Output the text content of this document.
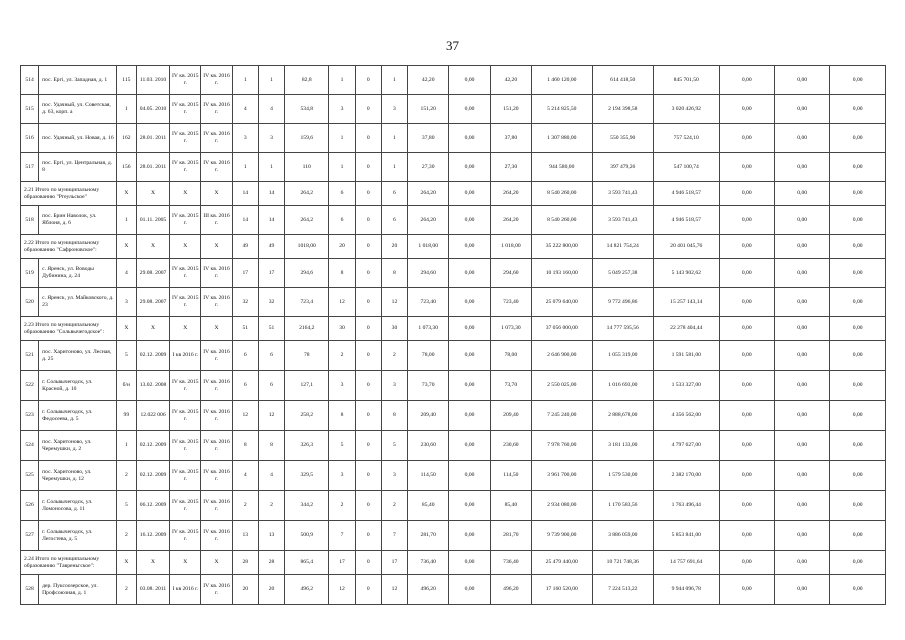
37
514	пос. Ергі, ул. Западная, д. 1	115	11.03. 2010	IV кв. 2015 г.	IV кв. 2016 г.	1	1	82,8	1	0	1	42,20	0,00	42,20	1 460 120,00	614 418,50	845 701,50	0,00	0,00	0,00
515	пос. Удачный, ул. Советская, д. 63, корп. а	1	04.05. 2010	IV кв. 2015 г.	IV кв. 2016 г.	4	4	534,8	3	0	3	151,20	0,00	151,20	5 214 825,50	2 194 398,58	3 020 426,92	0,00	0,00	0,00
516	пос. Удачный, ул. Новая, д. 16	162	28.01. 2011	IV кв. 2015 г.	IV кв. 2016 г.	3	3	159,6	1	0	1	37,80	0,00	37,80	1 307 880,00	550 355,90	757 524,10	0,00	0,00	0,00
517	пос. Ергі, ул. Центральная, д. 8	156	28.01. 2011	IV кв. 2015 г.	IV кв. 2016 г.	1	1	110	1	0	1	27,30	0,00	27,30	944 580,00	397 479,26	547 100,74	0,00	0,00	0,00
2.21 Итого по муниципальному образованию "Ргеульское"		X	X	X	X	14	14	264,2	6	0	6	264,20	0,00	264,20	8 540 260,00	3 593 741,43	4 946 518,57	0,00	0,00	0,00
518	пос. Брин Наволок, ул. Яблоня, д. 6	1	01.11. 2005	IV кв. 2015 г.	III кв. 2016 г.	14	14	264,2	6	0	6	264,20	0,00	264,20	8 540 260,00	3 593 741,43	4 946 518,57	0,00	0,00	0,00
2.22 Итого по муниципальному образованию "Сафроновское":		X	X	X	X	49	49	1018,00	20	0	20	1 018,00	0,00	1 018,00	35 222 800,00	14 821 754,24	20 401 045,76	0,00	0,00	0,00
519	с. Яренск, ул. Воводы Дубинина, д. 24	4	29.08. 2007	IV кв. 2015 г.	IV кв. 2016 г.	17	17	294,6	8	0	8	294,60	0,00	294,60	10 193 160,00	5 049 257,38	5 143 902,62	0,00	0,00	0,00
520	с. Яренск, ул. Майковского, д. 23	3	29.08. 2007	IV кв. 2015 г.	IV кв. 2016 г.	32	32	723,4	12	0	12	723,40	0,00	723,40	25 079 640,00	9 772 496,86	15 257 143,14	0,00	0,00	0,00
2.23 Итого по муниципальному образованию "Сольвычегодское":		X	X	X	X	51	51	2164,2	30	0	30	1 073,30	0,00	1 073,30	37 056 000,00	14 777 595,56	22 278 404,44	0,00	0,00	0,00
521	пос. Харитоново, ул. Лесная, д. 25	5	02.12. 2009	I кв 2016 г.	IV кв. 2016 г.	6	6	78	2	0	2	78,00	0,00	78,00	2 646 900,00	1 055 319,00	1 591 581,00	0,00	0,00	0,00
522	г. Сольвычегодск, ул. Красной, д. 10	б/н	13.02. 2008	IV кв. 2015 г.	IV кв. 2016 г.	6	6	127,1	3	0	3	73,70	0,00	73,70	2 550 025,00	1 016 693,00	1 533 327,00	0,00	0,00	0,00
523	г. Сольвычегодск, ул. Федосеева, д. 5	99	12.022 006	IV кв. 2015 г.	IV кв. 2016 г.	12	12	258,2	8	0	8	209,40	0,00	209,40	7 245 240,00	2 888,678,00	4 356 562,00	0,00	0,00	0,00
524	пос. Харитоново, ул. Черемушки, д. 2	1	02.12. 2009	IV кв. 2015 г.	IV кв. 2016 г.	8	8	326,3	5	0	5	230,60	0,00	230,60	7 978 760,00	3 181 133,00	4 797 627,00	0,00	0,00	0,00
525	пос. Харитоново, ул. Черемушки, д. 12	2	02.12. 2009	IV кв. 2015 г.	IV кв. 2016 г.	4	4	329,5	3	0	3	114,50	0,00	114,50	3 961 700,00	1 579 530,00	2 382 170,00	0,00	0,00	0,00
526	г. Сольвычегодск, ул. Ломоносова, д. 11	5	06.12. 2009	IV кв. 2015 г.	IV кв. 2016 г.	2	2	344,2	2	0	2	85,40	0,00	85,40	2 934 080,00	1 170 583,56	1 763 496,44	0,00	0,00	0,00
527	г. Сольвычегодск, ул. Легостева, д. 5	2	16.12. 2009	IV кв. 2015 г.	IV кв. 2016 г.	13	13	500,9	7	0	7	281,70	0,00	281,70	9 739 900,00	3 886 059,00	5 853 841,00	0,00	0,00	0,00
2.24 Итого по муниципальному образованию "Тавреньгское":		X	X	X	X	28	28	865,4	17	0	17	736,40	0,00	736,40	25 479 440,00	10 721 748,36	14 757 691,64	0,00	0,00	0,00
528	дер. Пуксоозерское, ул. Профсоюзная, д. 1	2	03.08. 2011	I кв 2016 г.	IV кв. 2016 г.	20	20	496,2	12	0	12	496,20	0,00	496,20	17 160 520,00	7 224 513,22	9 944 096,78	0,00	0,00	0,00
